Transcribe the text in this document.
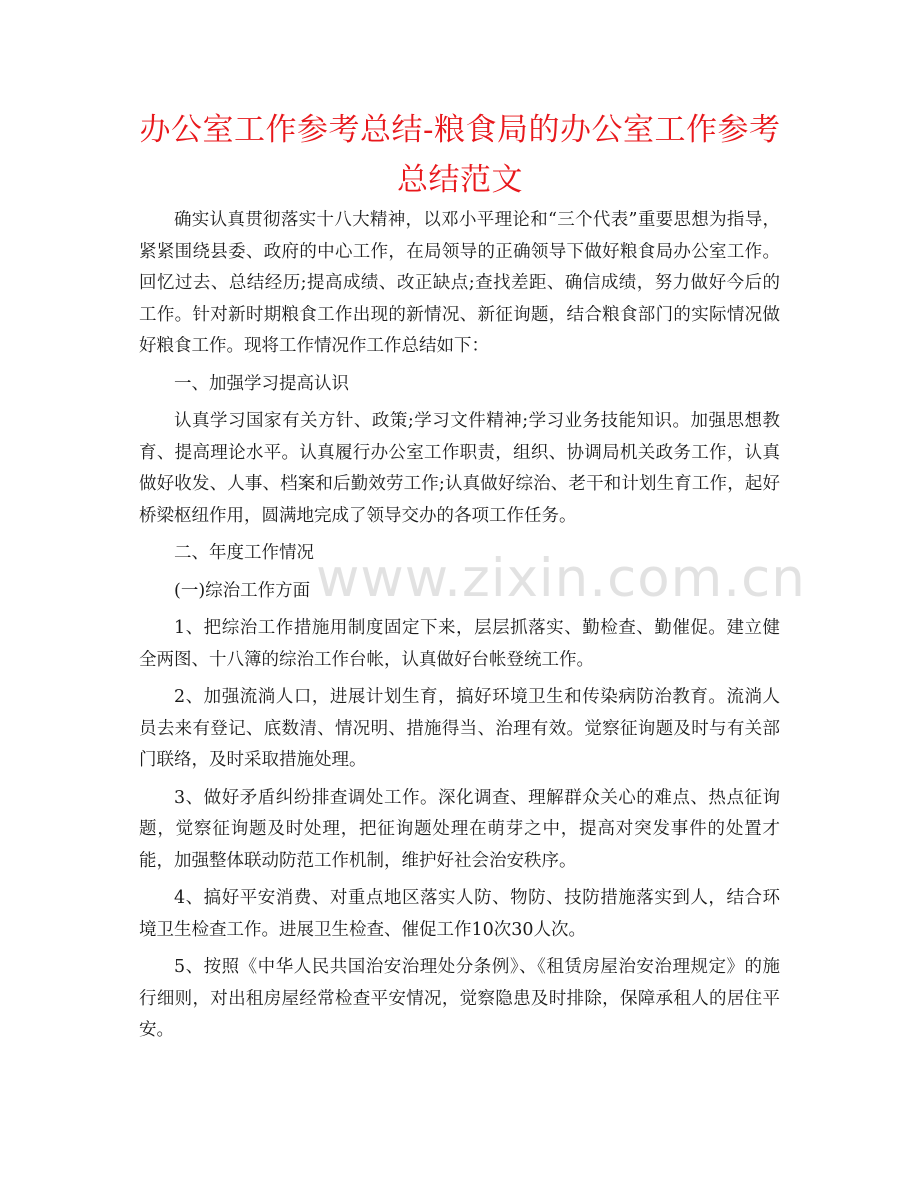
办公室工作参考总结-粮食局的办公室工作参考总结范文

确实认真贯彻落实十八大精神，以邓小平理论和“三个代表”重要思想为指导，紧紧围绕县委、政府的中心工作，在局领导的正确领导下做好粮食局办公室工作。回忆过去、总结经历;提高成绩、改正缺点;查找差距、确信成绩，努力做好今后的工作。针对新时期粮食工作出现的新情况、新征询题，结合粮食部门的实际情况做好粮食工作。现将工作情况作工作总结如下：

一、加强学习提高认识

认真学习国家有关方针、政策;学习文件精神;学习业务技能知识。加强思想教育、提高理论水平。认真履行办公室工作职责，组织、协调局机关政务工作，认真做好收发、人事、档案和后勤效劳工作;认真做好综治、老干和计划生育工作，起好桥梁枢纽作用，圆满地完成了领导交办的各项工作任务。

二、年度工作情况

(一)综治工作方面

1、把综治工作措施用制度固定下来，层层抓落实、勤检查、勤催促。建立健全两图、十八簿的综治工作台帐，认真做好台帐登统工作。

2、加强流淌人口，进展计划生育，搞好环境卫生和传染病防治教育。流淌人员去来有登记、底数清、情况明、措施得当、治理有效。觉察征询题及时与有关部门联络，及时采取措施处理。

3、做好矛盾纠纷排查调处工作。深化调查、理解群众关心的难点、热点征询题，觉察征询题及时处理，把征询题处理在萌芽之中，提高对突发事件的处置才能，加强整体联动防范工作机制，维护好社会治安秩序。

4、搞好平安消费、对重点地区落实人防、物防、技防措施落实到人，结合环境卫生检查工作。进展卫生检查、催促工作10次30人次。

5、按照《中华人民共国治安治理处分条例》、《租赁房屋治安治理规定》的施行细则，对出租房屋经常检查平安情况，觉察隐患及时排除，保障承租人的居住平安。

www.zixin.com.cn
